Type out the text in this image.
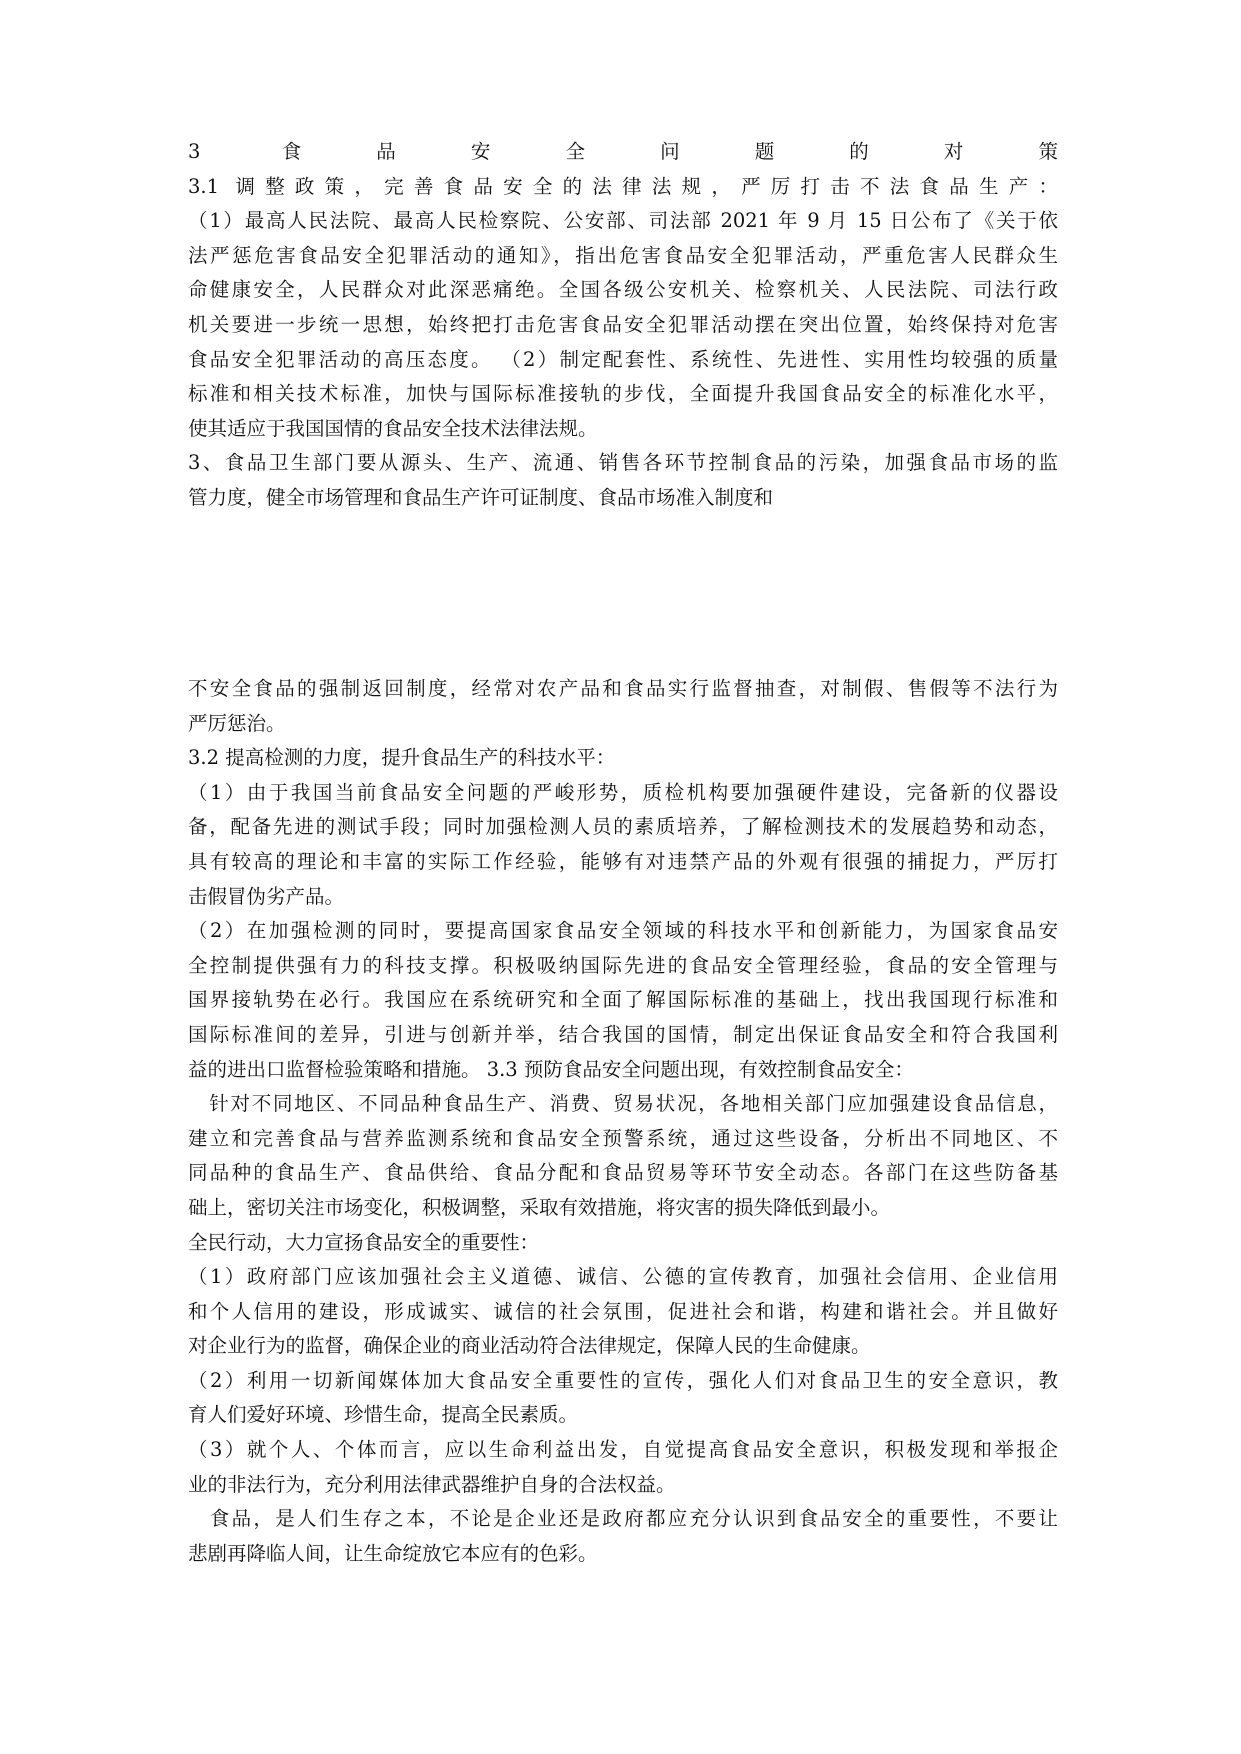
3 食品安全问题的对策
3.1 调整政策，完善食品安全的法律法规，严厉打击不法食品生产：
（1）最高人民法院、最高人民检察院、公安部、司法部 2021 年 9 月 15 日公布了《关于依
法严惩危害食品安全犯罪活动的通知》，指出危害食品安全犯罪活动，严重危害人民群众生
命健康安全，人民群众对此深恶痛绝。全国各级公安机关、检察机关、人民法院、司法行政
机关要进一步统一思想，始终把打击危害食品安全犯罪活动摆在突出位置，始终保持对危害
食品安全犯罪活动的高压态度。 （2）制定配套性、系统性、先进性、实用性均较强的质量
标准和相关技术标准，加快与国际标准接轨的步伐，全面提升我国食品安全的标准化水平，
使其适应于我国国情的食品安全技术法律法规。
3、食品卫生部门要从源头、生产、流通、销售各环节控制食品的污染，加强食品市场的监
管力度，健全市场管理和食品生产许可证制度、食品市场准入制度和
不安全食品的强制返回制度，经常对农产品和食品实行监督抽查，对制假、售假等不法行为
严厉惩治。
3.2 提高检测的力度，提升食品生产的科技水平：
（1）由于我国当前食品安全问题的严峻形势，质检机构要加强硬件建设，完备新的仪器设
备，配备先进的测试手段；同时加强检测人员的素质培养，了解检测技术的发展趋势和动态，
具有较高的理论和丰富的实际工作经验，能够有对违禁产品的外观有很强的捕捉力，严厉打
击假冒伪劣产品。
（2）在加强检测的同时，要提高国家食品安全领域的科技水平和创新能力，为国家食品安
全控制提供强有力的科技支撑。积极吸纳国际先进的食品安全管理经验，食品的安全管理与
国界接轨势在必行。我国应在系统研究和全面了解国际标准的基础上，找出我国现行标准和
国际标准间的差异，引进与创新并举，结合我国的国情，制定出保证食品安全和符合我国利
益的进出口监督检验策略和措施。 3.3 预防食品安全问题出现，有效控制食品安全：
　针对不同地区、不同品种食品生产、消费、贸易状况，各地相关部门应加强建设食品信息，
建立和完善食品与营养监测系统和食品安全预警系统，通过这些设备，分析出不同地区、不
同品种的食品生产、食品供给、食品分配和食品贸易等环节安全动态。各部门在这些防备基
础上，密切关注市场变化，积极调整，采取有效措施，将灾害的损失降低到最小。
全民行动，大力宣扬食品安全的重要性：
（1）政府部门应该加强社会主义道德、诚信、公德的宣传教育，加强社会信用、企业信用
和个人信用的建设，形成诚实、诚信的社会氛围，促进社会和谐，构建和谐社会。并且做好
对企业行为的监督，确保企业的商业活动符合法律规定，保障人民的生命健康。
（2）利用一切新闻媒体加大食品安全重要性的宣传，强化人们对食品卫生的安全意识，教
育人们爱好环境、珍惜生命，提高全民素质。
（3）就个人、个体而言，应以生命利益出发，自觉提高食品安全意识，积极发现和举报企
业的非法行为，充分利用法律武器维护自身的合法权益。
　食品，是人们生存之本，不论是企业还是政府都应充分认识到食品安全的重要性，不要让
悲剧再降临人间，让生命绽放它本应有的色彩。
